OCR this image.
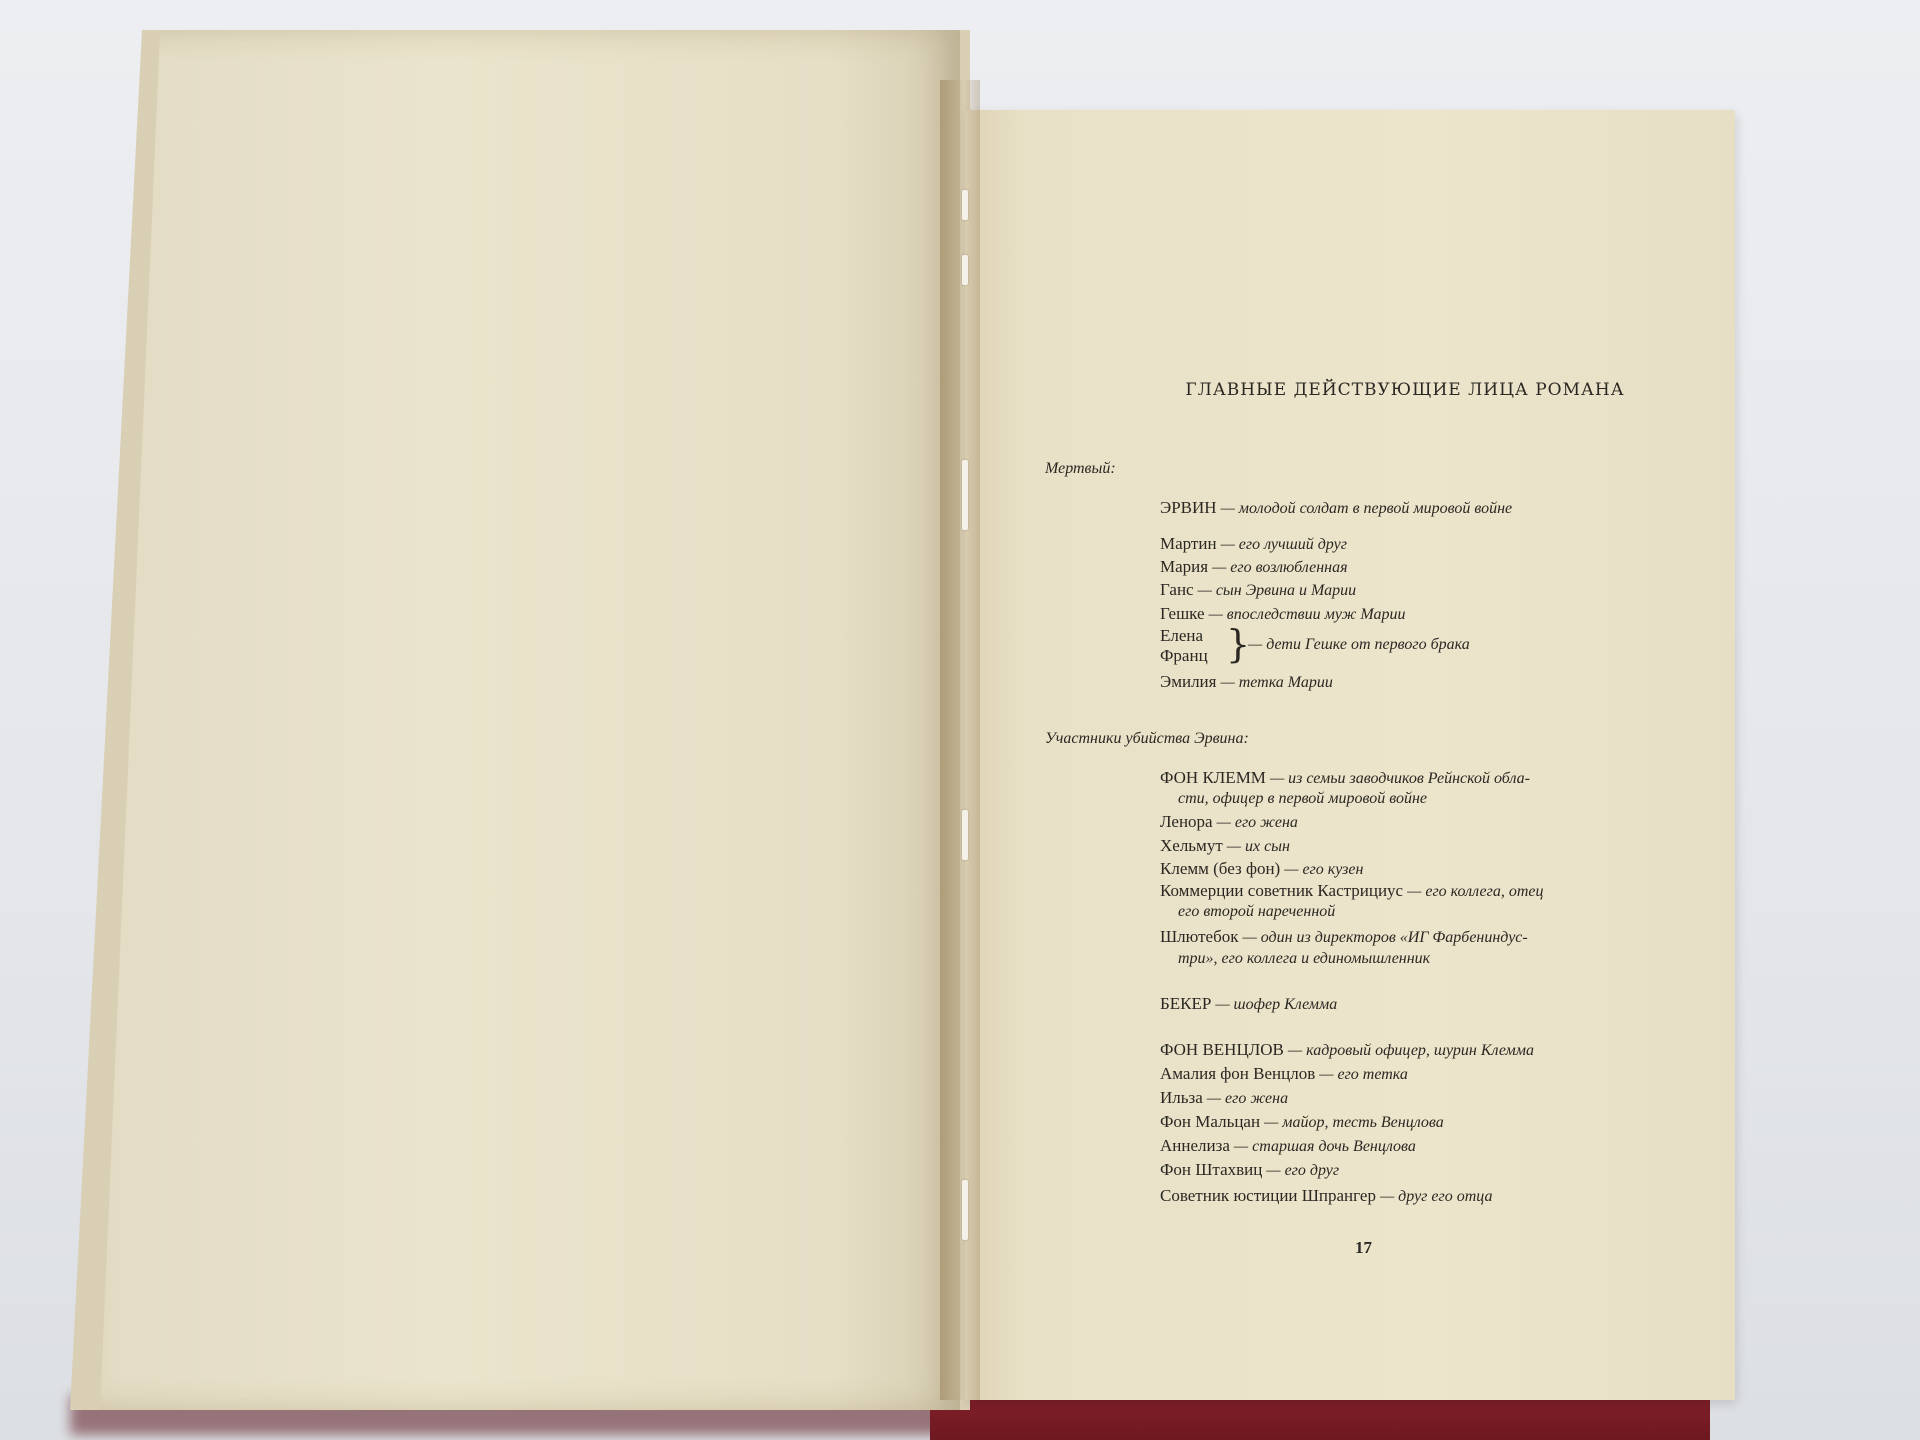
ГЛАВНЫЕ ДЕЙСТВУЮЩИЕ ЛИЦА РОМАНА
Мертвый:
ЭРВИН — молодой солдат в первой мировой войне
Мартин — его лучший друг
Мария — его возлюбленная
Ганс — сын Эрвина и Марии
Гешке — впоследствии муж Марии
Елена
Франц }
— дети Гешке от первого брака
Эмилия — тетка Марии
Участники убийства Эрвина:
ФОН КЛЕММ — из семьи заводчиков Рейнской обла-
сти, офицер в первой мировой войне
Ленора — его жена
Хельмут — их сын
Клемм (без фон) — его кузен
Коммерции советник Кастрициус — его коллега, отец
его второй нареченной
Шлютебок — один из директоров «ИГ Фарбениндус-
три», его коллега и единомышленник
БЕКЕР — шофер Клемма
ФОН ВЕНЦЛОВ — кадровый офицер, шурин Клемма
Амалия фон Венцлов — его тетка
Ильза — его жена
Фон Мальцан — майор, тесть Венцлова
Аннелиза — старшая дочь Венцлова
Фон Штахвиц — его друг
Советник юстиции Шпрангер — друг его отца
17
